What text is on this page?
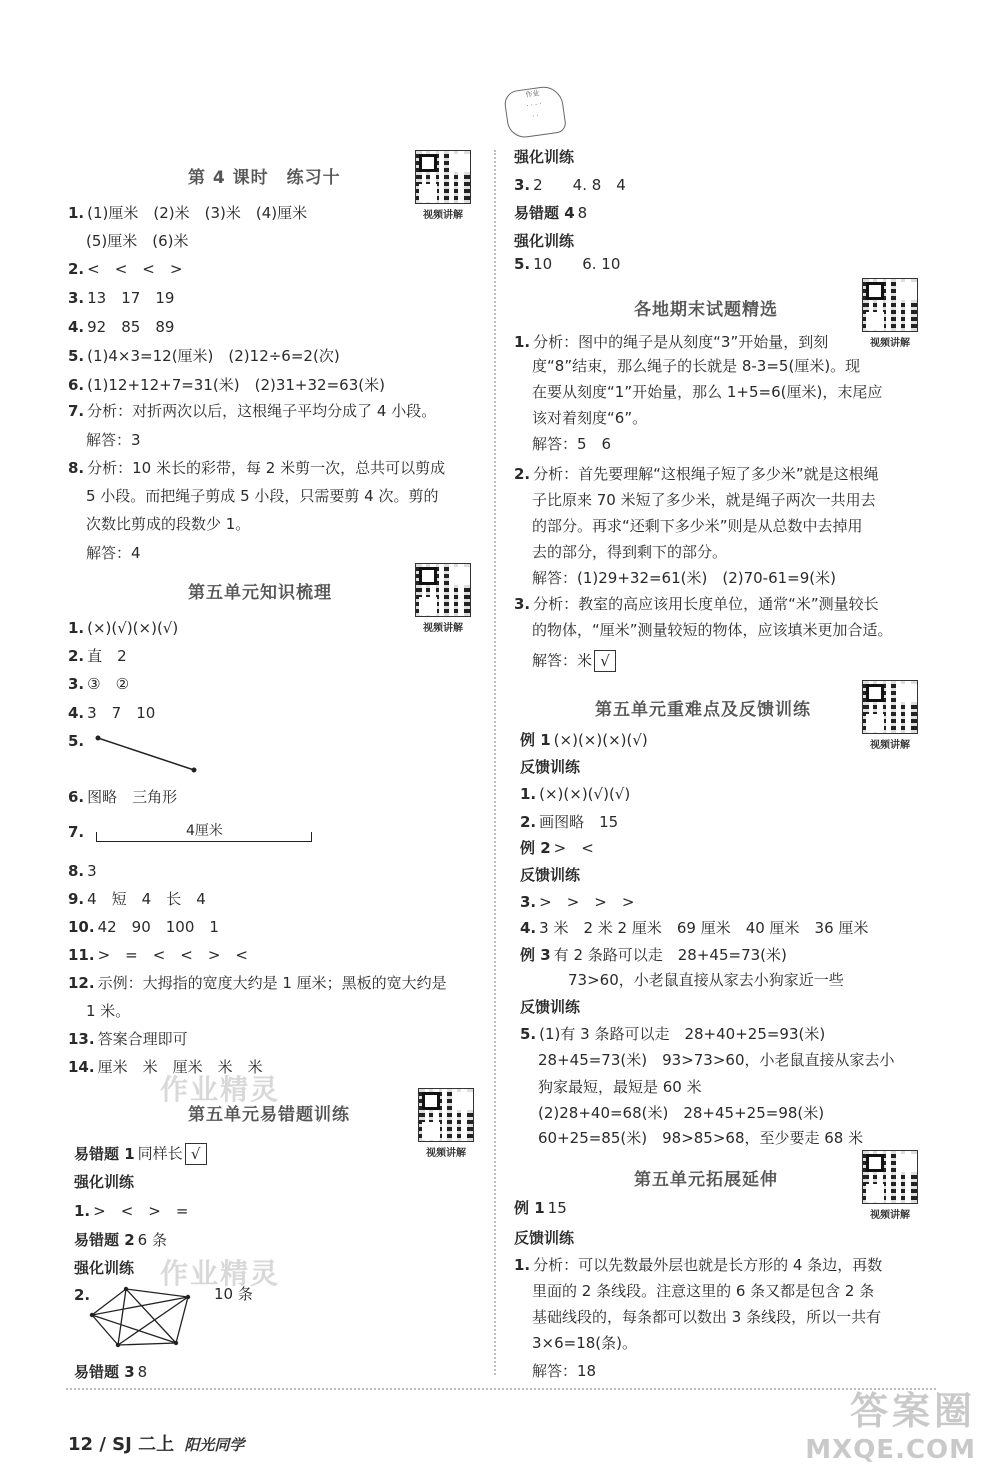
作业
· · · ·
· ·
第 4 课时　练习十
视频讲解
1. (1)厘米　(2)米　(3)米　(4)厘米
(5)厘米　(6)米
2. <　<　<　>
3. 13　17　19
4. 92　85　89
5. (1)4×3=12(厘米)　(2)12÷6=2(次)
6. (1)12+12+7=31(米)　(2)31+32=63(米)
7. 分析：对折两次以后，这根绳子平均分成了 4 小段。
解答：3
8. 分析：10 米长的彩带，每 2 米剪一次，总共可以剪成
5 小段。而把绳子剪成 5 小段，只需要剪 4 次。剪的
次数比剪成的段数少 1。
解答：4
第五单元知识梳理
视频讲解
1. (×)(√)(×)(√)
2. 直　2
3. ③　②
4. 3　7　10
5.
6. 图略　三角形
7.
8. 3
9. 4　短　4　长　4
10. 42　90　100　1
11. >　=　<　<　>　<
12. 示例：大拇指的宽度大约是 1 厘米；黑板的宽大约是
1 米。
13. 答案合理即可
14. 厘米　米　厘米　米　米
4厘米
作业精灵
第五单元易错题训练
视频讲解
易错题 1 同样长 √
强化训练
1. >　<　>　=
易错题 2 6 条
强化训练
2.
易错题 3 8
作业精灵
10 条
强化训练
3. 2　　4. 8　4
易错题 4 8
强化训练
5. 10　　6. 10
各地期末试题精选
视频讲解
1. 分析：图中的绳子是从刻度“3”开始量，到刻
度“8”结束，那么绳子的长就是 8-3=5(厘米)。现
在要从刻度“1”开始量，那么 1+5=6(厘米)，末尾应
该对着刻度“6”。
解答：5　6
2. 分析：首先要理解“这根绳子短了多少米”就是这根绳
子比原来 70 米短了多少米，就是绳子两次一共用去
的部分。再求“还剩下多少米”则是从总数中去掉用
去的部分，得到剩下的部分。
解答：(1)29+32=61(米)　(2)70-61=9(米)
3. 分析：教室的高应该用长度单位，通常“米”测量较长
的物体，“厘米”测量较短的物体，应该填米更加合适。
解答：米 √
第五单元重难点及反馈训练
视频讲解
例 1 (×)(×)(×)(√)
反馈训练
1. (×)(×)(√)(√)
2. 画图略　15
例 2 >　<
反馈训练
3. >　>　>　>
4. 3 米　2 米 2 厘米　69 厘米　40 厘米　36 厘米
例 3 有 2 条路可以走　28+45=73(米)
　　73>60，小老鼠直接从家去小狗家近一些
反馈训练
5. (1)有 3 条路可以走　28+40+25=93(米)
28+45=73(米)　93>73>60，小老鼠直接从家去小
狗家最短，最短是 60 米
(2)28+40=68(米)　28+45+25=98(米)
60+25=85(米)　98>85>68，至少要走 68 米
第五单元拓展延伸
视频讲解
例 1 15
反馈训练
1. 分析：可以先数最外层也就是长方形的 4 条边，再数
里面的 2 条线段。注意这里的 6 条又都是包含 2 条
基础线段的，每条都可以数出 3 条线段，所以一共有
3×6=18(条)。
解答：18
12 / SJ 二上 阳光同学
答案圈
MXQE.COM
